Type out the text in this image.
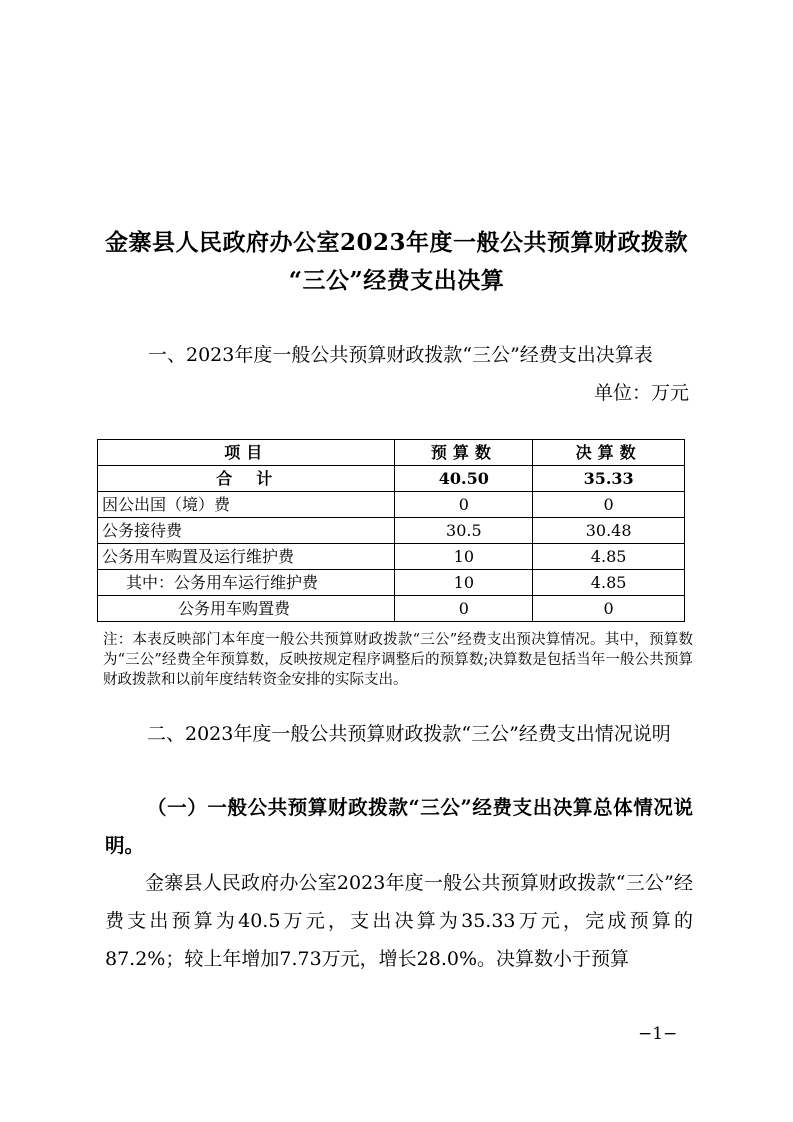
金寨县人民政府办公室2023年度一般公共预算财政拨款
“三公”经费支出决算
一、2023年度一般公共预算财政拨款“三公”经费支出决算表
单位：万元
项目	预算数	决算数
合　计	40.50	35.33
因公出国（境）费	0	0
公务接待费	30.5	30.48
公务用车购置及运行维护费	10	4.85
其中：公务用车运行维护费	10	4.85
公务用车购置费	0	0
注：本表反映部门本年度一般公共预算财政拨款“三公”经费支出预决算情况。其中，预算数为“三公”经费全年预算数，反映按规定程序调整后的预算数;决算数是包括当年一般公共预算财政拨款和以前年度结转资金安排的实际支出。
二、2023年度一般公共预算财政拨款“三公”经费支出情况说明
（一）一般公共预算财政拨款“三公”经费支出决算总体情况说明。
金寨县人民政府办公室2023年度一般公共预算财政拨款“三公”经费支出预算为40.5万元，支出决算为35.33万元，完成预算的87.2%；较上年增加7.73万元，增长28.0%。决算数小于预算
−1−
